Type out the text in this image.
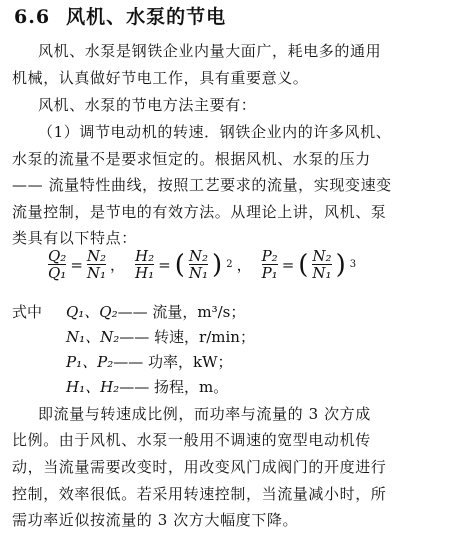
6.6 风机、水泵的节电
风机、水泵是钢铁企业内量大面广，耗电多的通用
机械，认真做好节电工作，具有重要意义。
风机、水泵的节电方法主要有：
（1）调节电动机的转速．钢铁企业内的许多风机、
水泵的流量不是要求恒定的。根据风机、水泵的压力
—— 流量特性曲线，按照工艺要求的流量，实现变速变
流量控制，是节电的有效方法。从理论上讲，风机、泵
类具有以下特点：
$\frac{\text{Q₂}}{\text{Q₁}} = \frac{\text{N₂}}{\text{N₁}}$ ， $\frac{\text{H₂}}{\text{H₁}}$ = ( $\frac{\text{N₂}}{\text{N₁}}$ ) 2 ， $\frac{\text{P₂}}{\text{P₁}}$ = ( $\frac{\text{N₂}}{\text{N₁}}$ ) 3
式中 Q₁、Q₂—— 流量，m³/s；
N₁、N₂—— 转速，r/min；
P₁、P₂—— 功率，kW；
H₁、H₂—— 扬程，m。
即流量与转速成比例，而功率与流量的 3 次方成
比例。由于风机、水泵一般用不调速的宽型电动机传
动，当流量需要改变时，用改变风门成阀门的开度进行
控制，效率很低。若采用转速控制，当流量减小时，所
需功率近似按流量的 3 次方大幅度下降。
